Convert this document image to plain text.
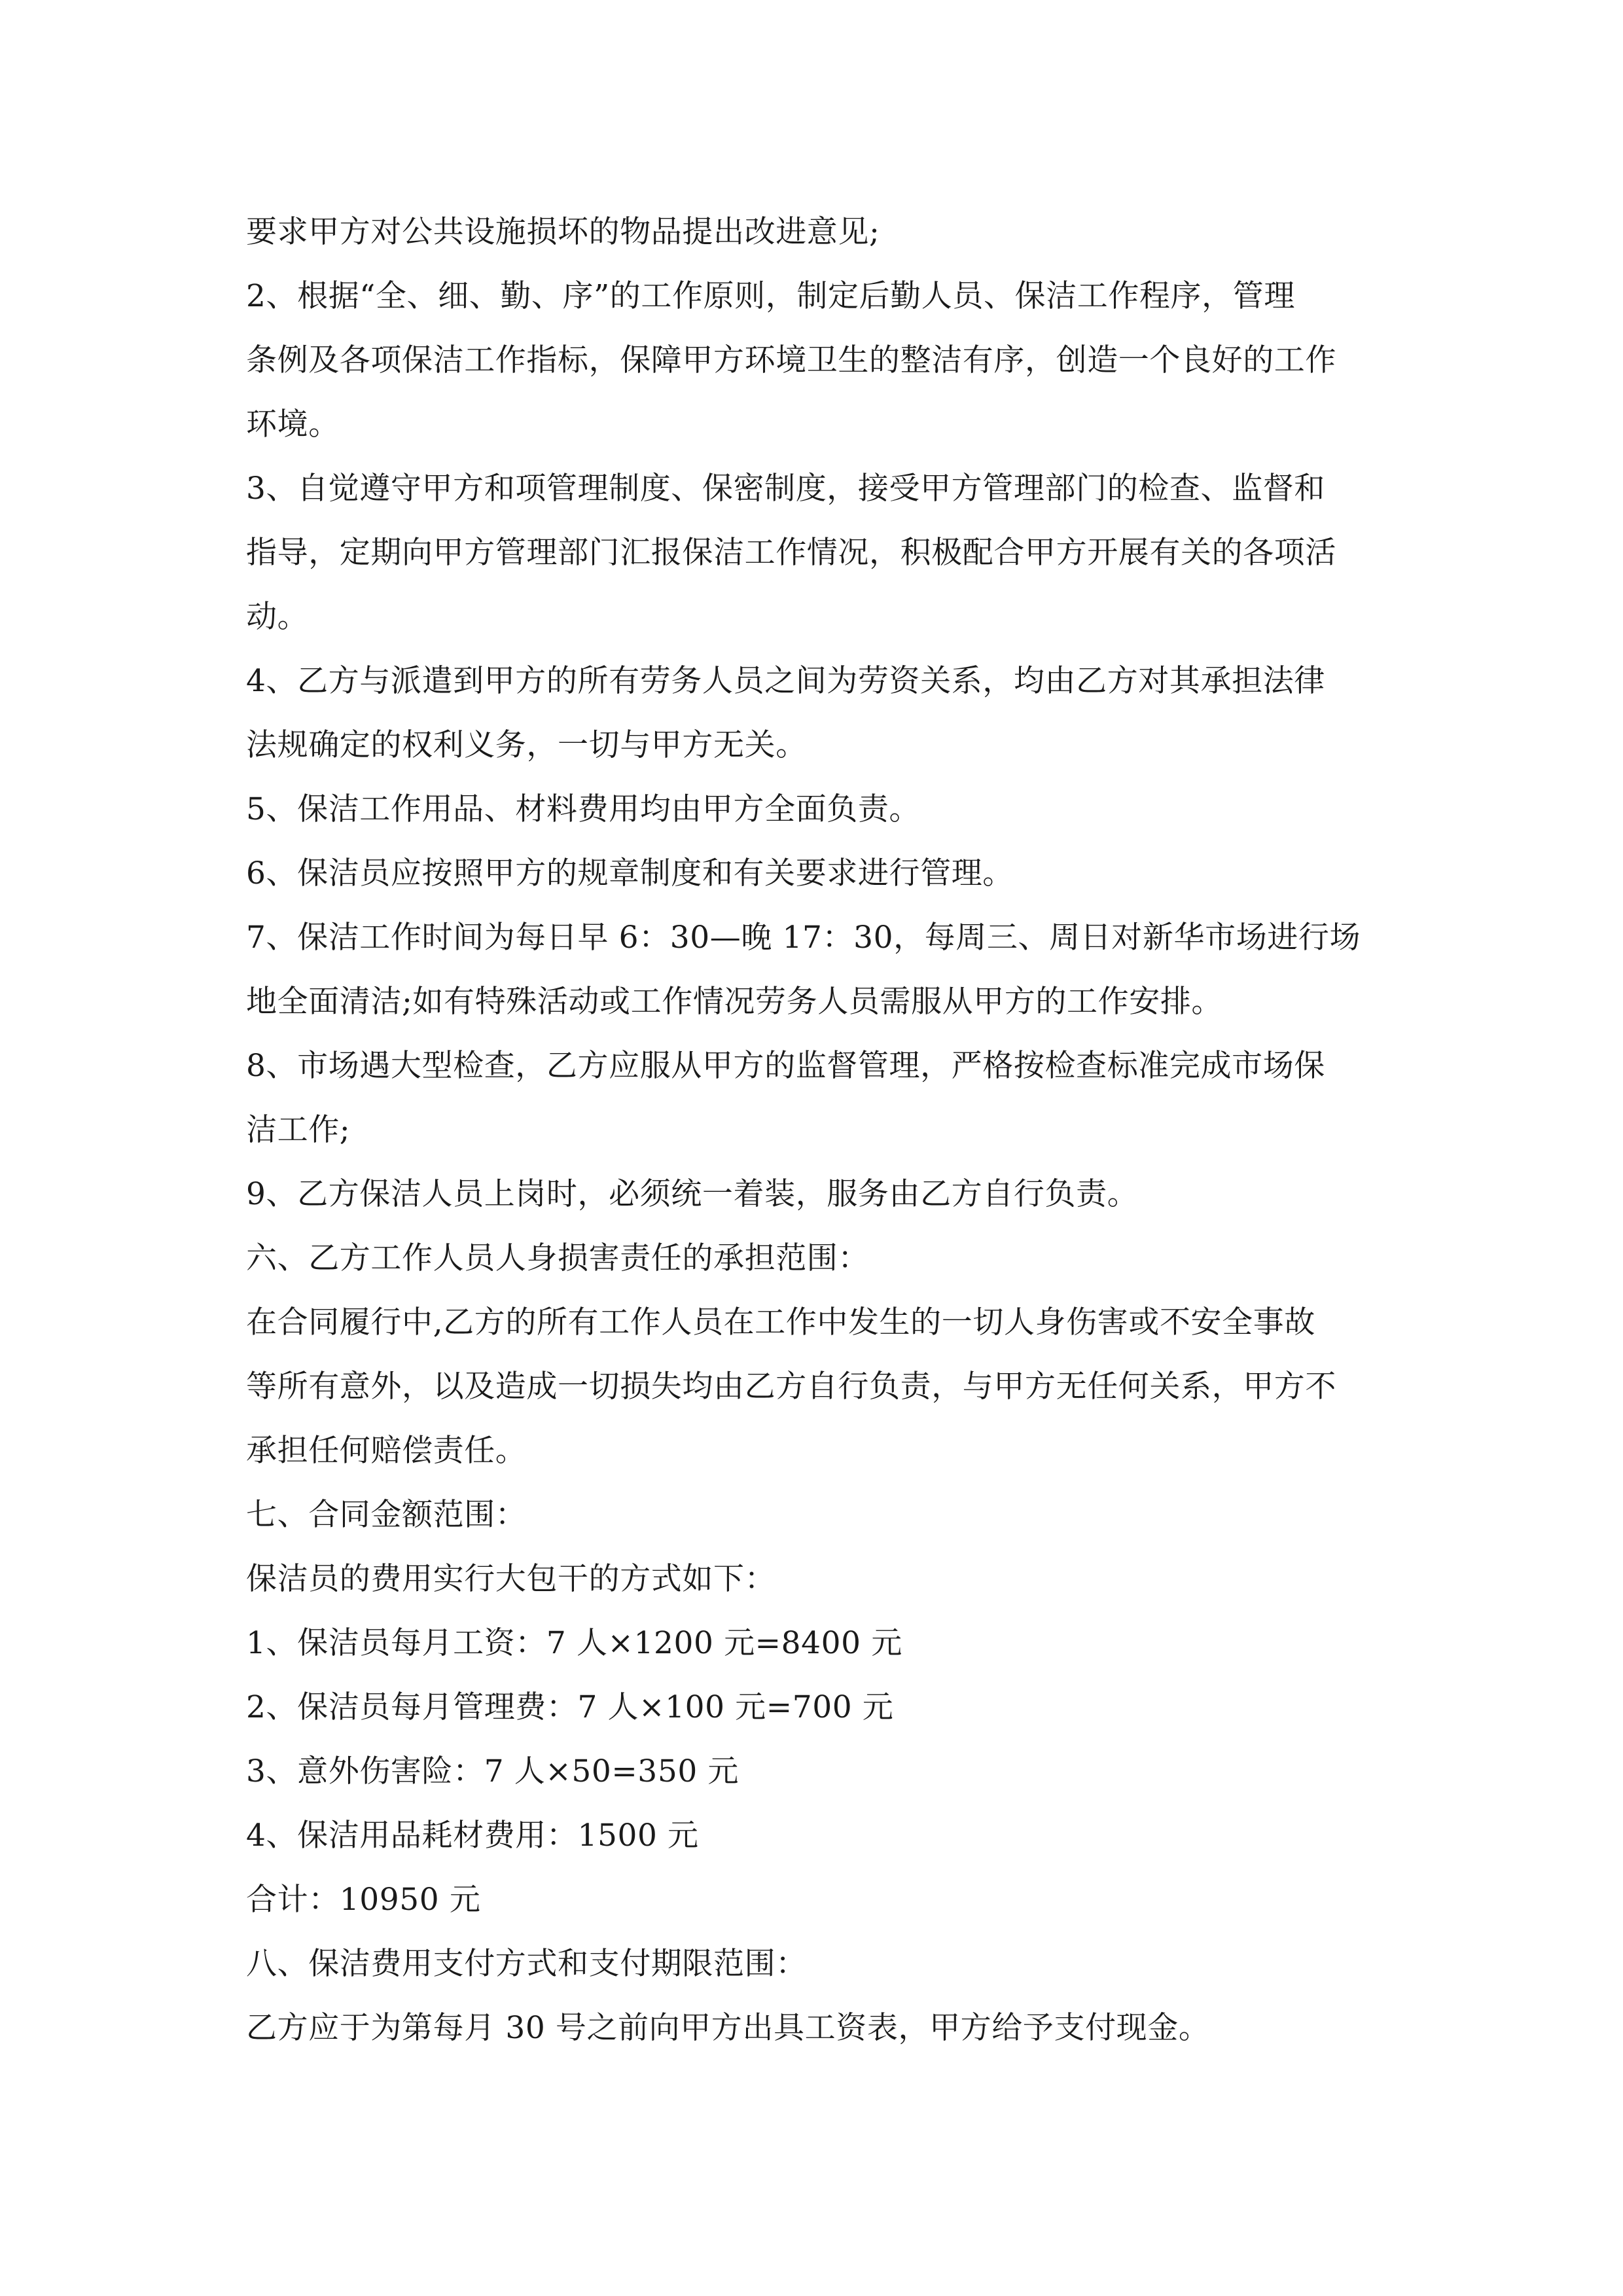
要求甲方对公共设施损坏的物品提出改进意见;
2、根据“全、细、勤、序”的工作原则，制定后勤人员、保洁工作程序，管理
条例及各项保洁工作指标，保障甲方环境卫生的整洁有序，创造一个良好的工作
环境。
3、自觉遵守甲方和项管理制度、保密制度，接受甲方管理部门的检查、监督和
指导，定期向甲方管理部门汇报保洁工作情况，积极配合甲方开展有关的各项活
动。
4、乙方与派遣到甲方的所有劳务人员之间为劳资关系，均由乙方对其承担法律
法规确定的权利义务，一切与甲方无关。
5、保洁工作用品、材料费用均由甲方全面负责。
6、保洁员应按照甲方的规章制度和有关要求进行管理。
7、保洁工作时间为每日早 6：30—晚 17：30，每周三、周日对新华市场进行场
地全面清洁;如有特殊活动或工作情况劳务人员需服从甲方的工作安排。
8、市场遇大型检查，乙方应服从甲方的监督管理，严格按检查标准完成市场保
洁工作;
9、乙方保洁人员上岗时，必须统一着装，服务由乙方自行负责。
六、乙方工作人员人身损害责任的承担范围：
在合同履行中,乙方的所有工作人员在工作中发生的一切人身伤害或不安全事故
等所有意外，以及造成一切损失均由乙方自行负责，与甲方无任何关系，甲方不
承担任何赔偿责任。
七、合同金额范围：
保洁员的费用实行大包干的方式如下：
1、保洁员每月工资：7 人×1200 元=8400 元
2、保洁员每月管理费：7 人×100 元=700 元
3、意外伤害险：7 人×50=350 元
4、保洁用品耗材费用：1500 元
合计：10950 元
八、保洁费用支付方式和支付期限范围：
乙方应于为第每月 30 号之前向甲方出具工资表，甲方给予支付现金。
